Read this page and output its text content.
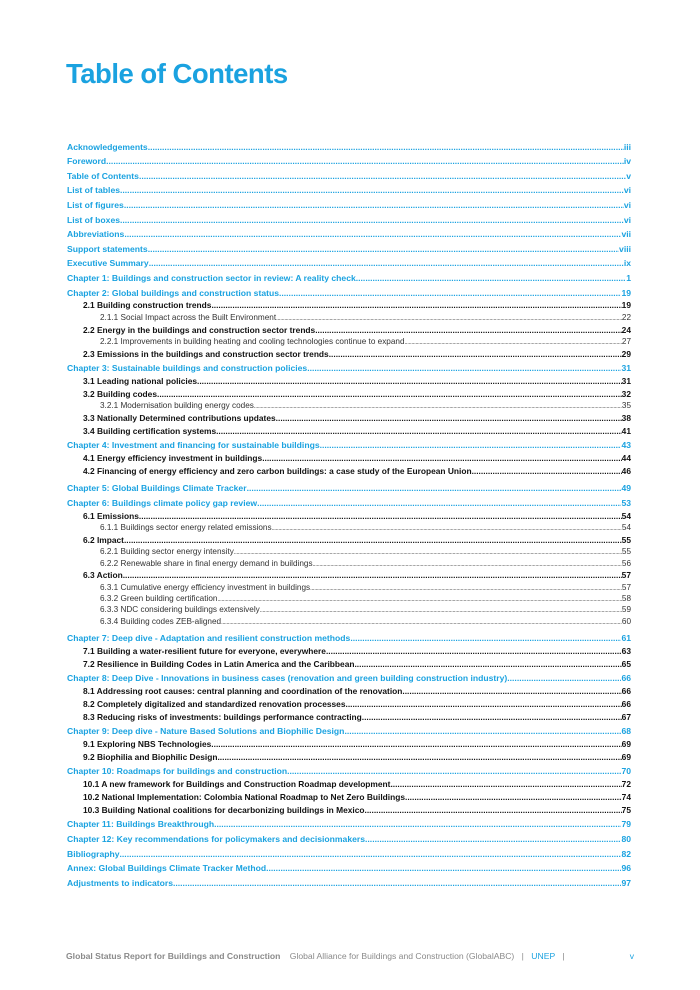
Table of Contents
Acknowledgements .....	iii
Foreword .....	iv
Table of Contents .....	v
List of tables .....	vi
List of figures .....	vi
List of boxes .....	vi
Abbreviations .....	vii
Support statements .....	viii
Executive Summary .....	ix
Chapter 1: Buildings and construction sector in review: A reality check .....	1
Chapter 2: Global buildings and construction status .....	19
2.1 Building construction trends .....	19
2.1.1 Social Impact across the Built Environment .....	22
2.2 Energy in the buildings and construction sector trends .....	24
2.2.1 Improvements in building heating and cooling technologies continue to expand .....	27
2.3 Emissions in the buildings and construction sector trends .....	29
Chapter 3: Sustainable buildings and construction policies .....	31
3.1 Leading national policies .....	31
3.2 Building codes .....	32
3.2.1 Modernisation building energy codes .....	35
3.3 Nationally Determined contributions updates .....	38
3.4 Building certification systems .....	41
Chapter 4: Investment and financing for sustainable buildings .....	43
4.1 Energy efficiency investment in buildings .....	44
4.2 Financing of energy efficiency and zero carbon buildings: a case study of the European Union .....	46
Chapter 5: Global Buildings Climate Tracker .....	49
Chapter 6: Buildings climate policy gap review .....	53
6.1 Emissions .....	54
6.1.1 Buildings sector energy related emissions .....	54
6.2 Impact .....	55
6.2.1 Building sector energy intensity .....	55
6.2.2 Renewable share in final energy demand in buildings .....	56
6.3 Action .....	57
6.3.1 Cumulative energy efficiency investment in buildings .....	57
6.3.2 Green building certification .....	58
6.3.3 NDC considering buildings extensively .....	59
6.3.4 Building codes ZEB-aligned .....	60
Chapter 7: Deep dive - Adaptation and resilient construction methods .....	61
7.1 Building a water-resilient future for everyone, everywhere .....	63
7.2 Resilience in Building Codes in Latin America and the Caribbean .....	65
Chapter 8: Deep Dive - Innovations in business cases (renovation and green building construction industry) .....	66
8.1 Addressing root causes: central planning and coordination of the renovation .....	66
8.2 Completely digitalized and standardized renovation processes .....	66
8.3 Reducing risks of investments: buildings performance contracting .....	67
Chapter 9: Deep dive - Nature Based Solutions and Biophilic Design .....	68
9.1 Exploring NBS Technologies .....	69
9.2 Biophilia and Biophilic Design .....	69
Chapter 10: Roadmaps for buildings and construction .....	70
10.1 A new framework for Buildings and Construction Roadmap development .....	72
10.2 National Implementation: Colombia National Roadmap to Net Zero Buildings .....	74
10.3 Building National coalitions for decarbonizing buildings in Mexico .....	75
Chapter 11: Buildings Breakthrough .....	79
Chapter 12: Key recommendations for policymakers and decisionmakers .....	80
Bibliography .....	82
Annex: Global Buildings Climate Tracker Method .....	96
Adjustments to indicators .....	97
Global Status Report for Buildings and Construction Global Alliance for Buildings and Construction (GlobalABC) | UNEP |	v
